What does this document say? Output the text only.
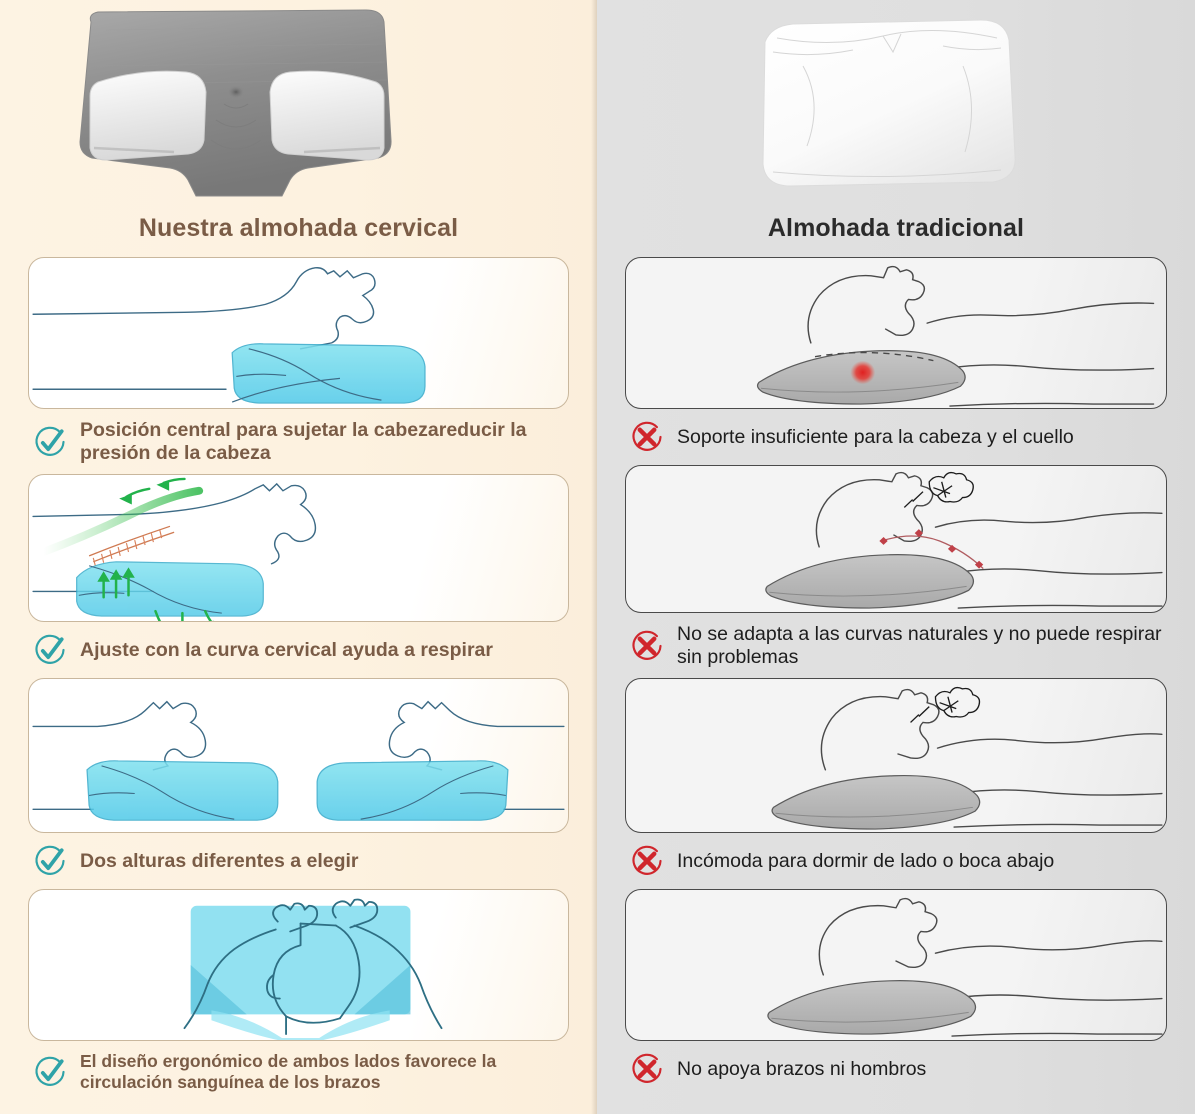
Nuestra almohada cervical
Posición central para sujetar la cabezareducir la presión de la cabeza
Ajuste con la curva cervical ayuda a respirar
Dos alturas diferentes a elegir
El diseño ergonómico de ambos lados favorece la circulación sanguínea de los brazos
Almohada tradicional
Soporte insuficiente para la cabeza y el cuello
No se adapta a las curvas naturales y no puede respirar sin problemas
Incómoda para dormir de lado o boca abajo
No apoya brazos ni hombros
